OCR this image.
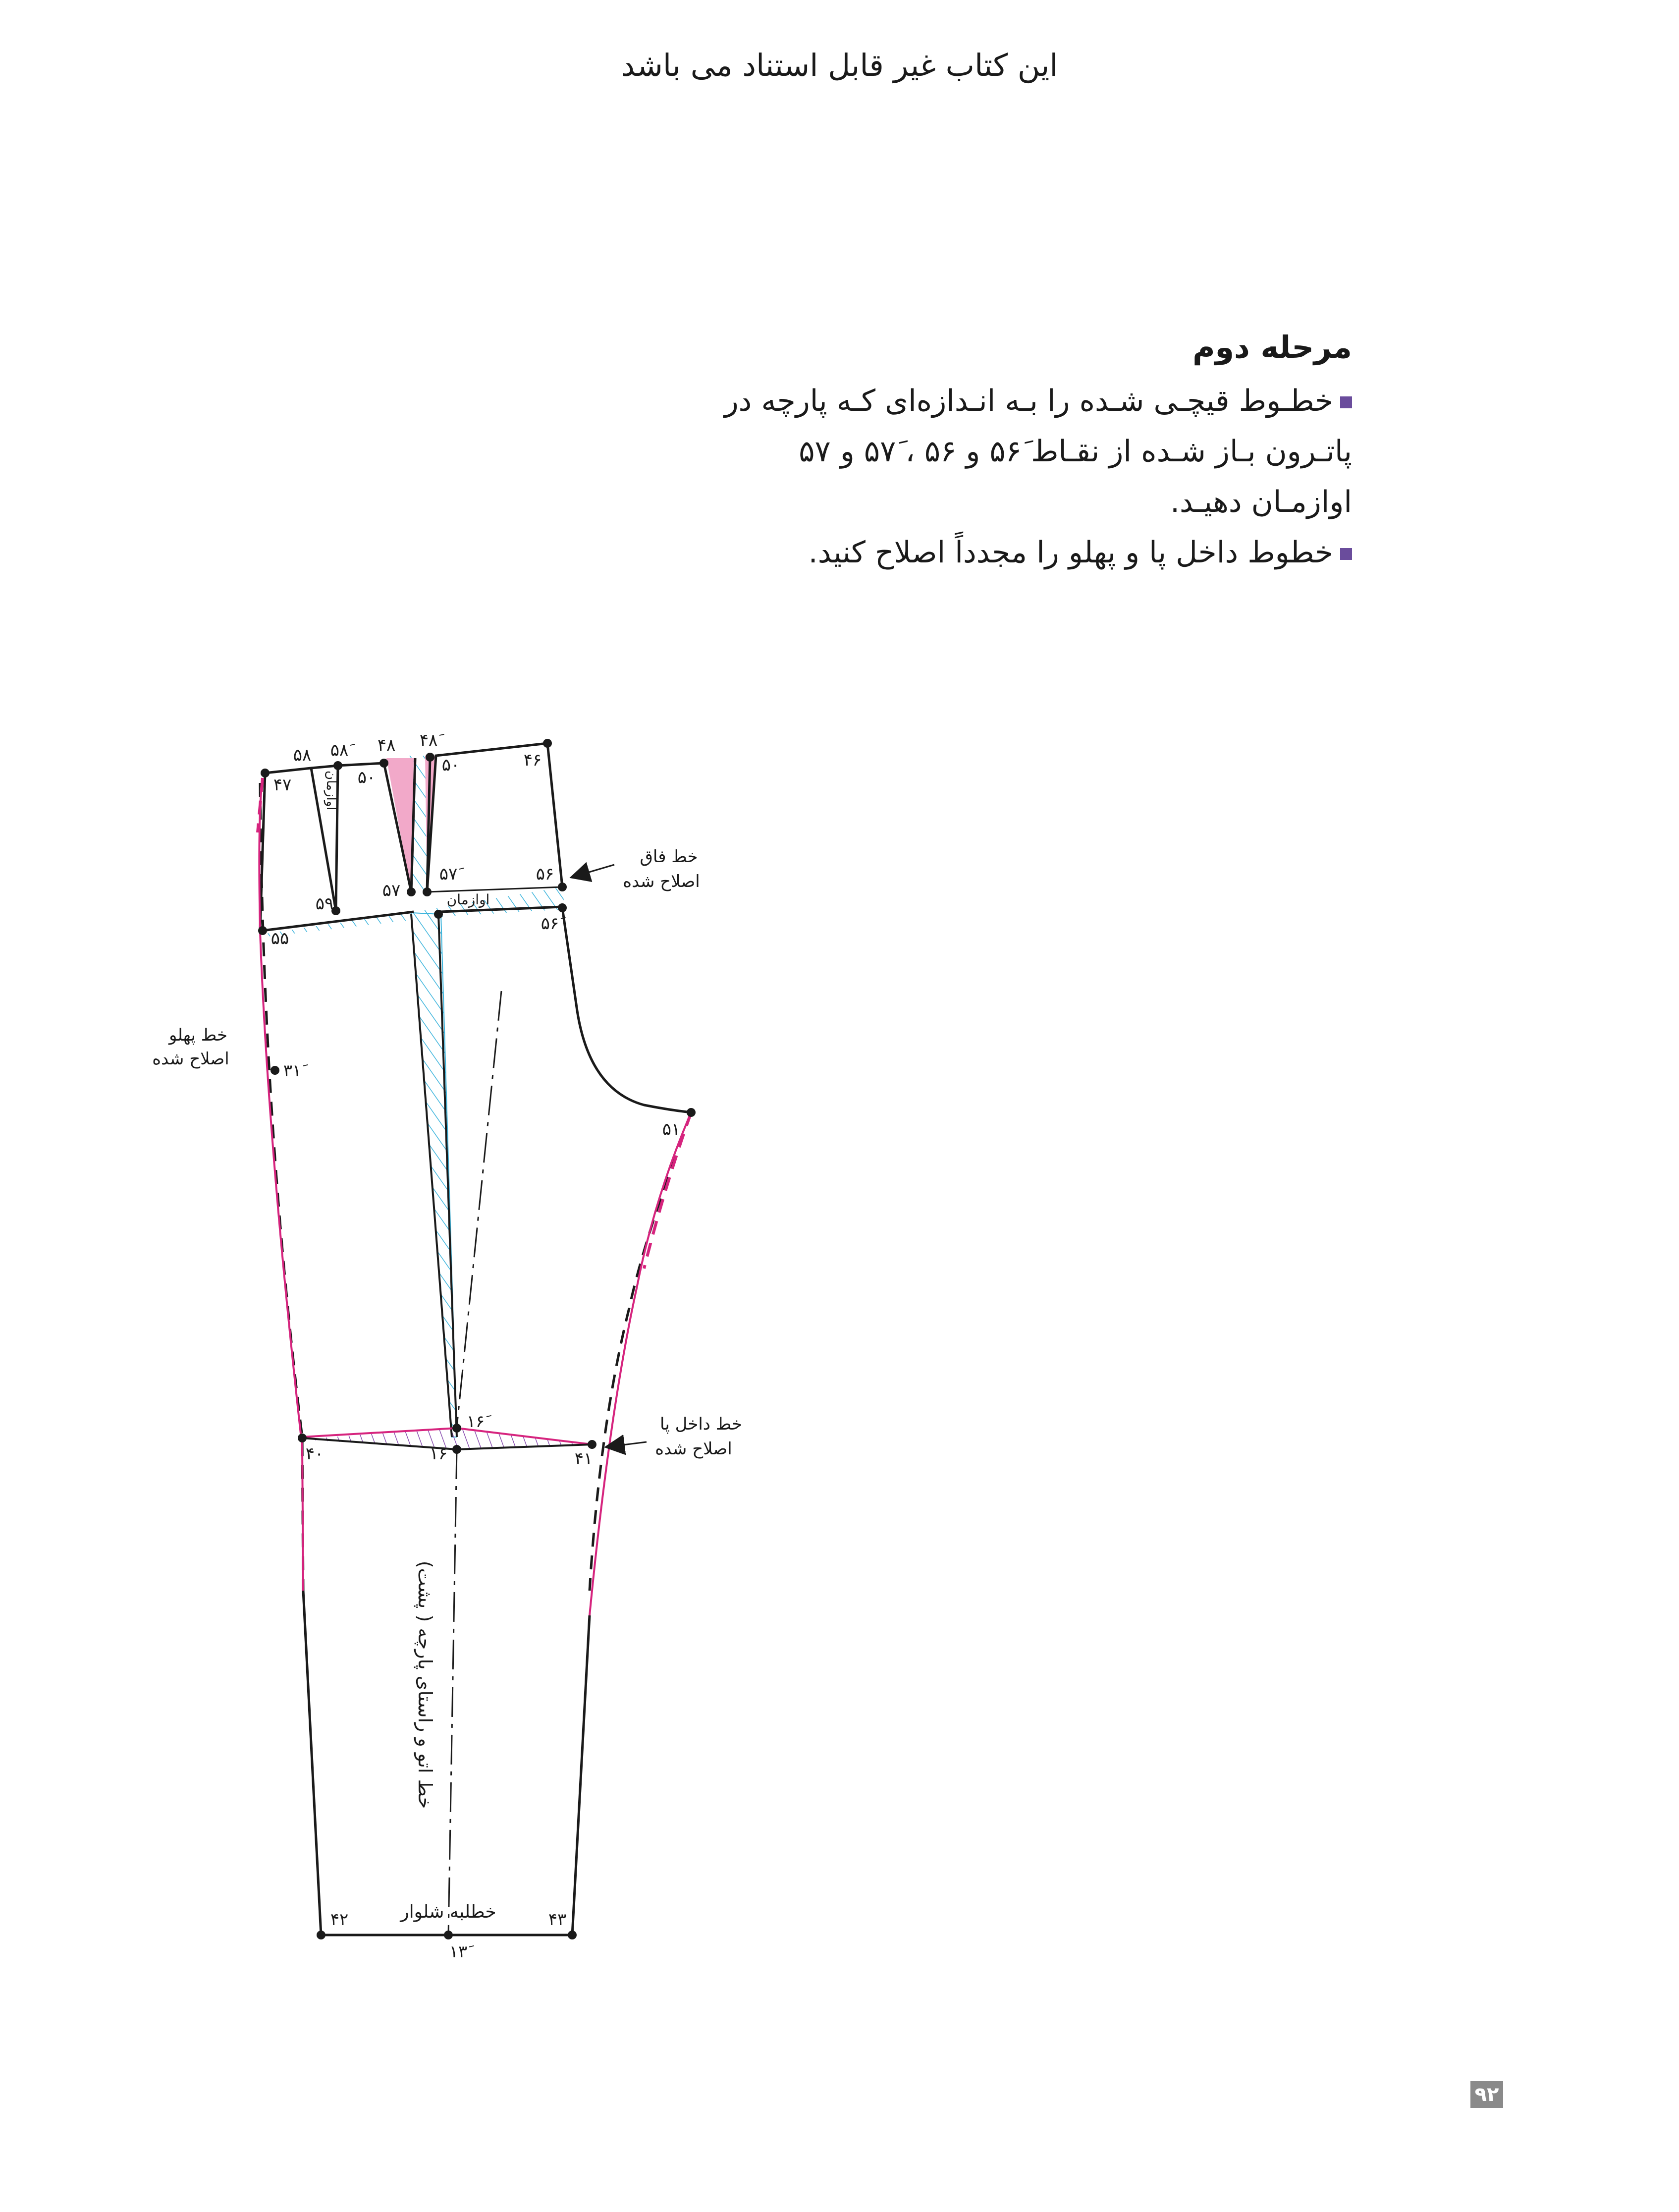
این کتاب غیر قابل استناد می باشد

مرحله دوم

خطـوط قیچـی شـده را بـه انـدازه‌ای کـه پارچه در
پاتـرون بـاز شـده از نقـاط ۵۶َ و ۵۶ ، ۵۷َ و ۵۷
اوازمـان دهیـد.

خطوط داخل پا و پهلو را مجدداً اصلاح کنید.

۵۸ ۵۸َ	۴۸ ۴۸َ
۴۶
۴۷	۵۰
۵۰
۵۹
۵۷
۵۷َ	۵۶
۵۶َ
۵۵
۳۱َ
۵۱
۱۶َ
۴۰	۱۶	۴۱
۴۲	۴۳
۱۳َ
اوازمان
اوازمان
خط اتو و راستای پارچه ( پشت)
خطلبه شلوار
خط فاق
اصلاح شده
خط پهلو
اصلاح شده
خط داخل پا
اصلاح شده
۹۲
